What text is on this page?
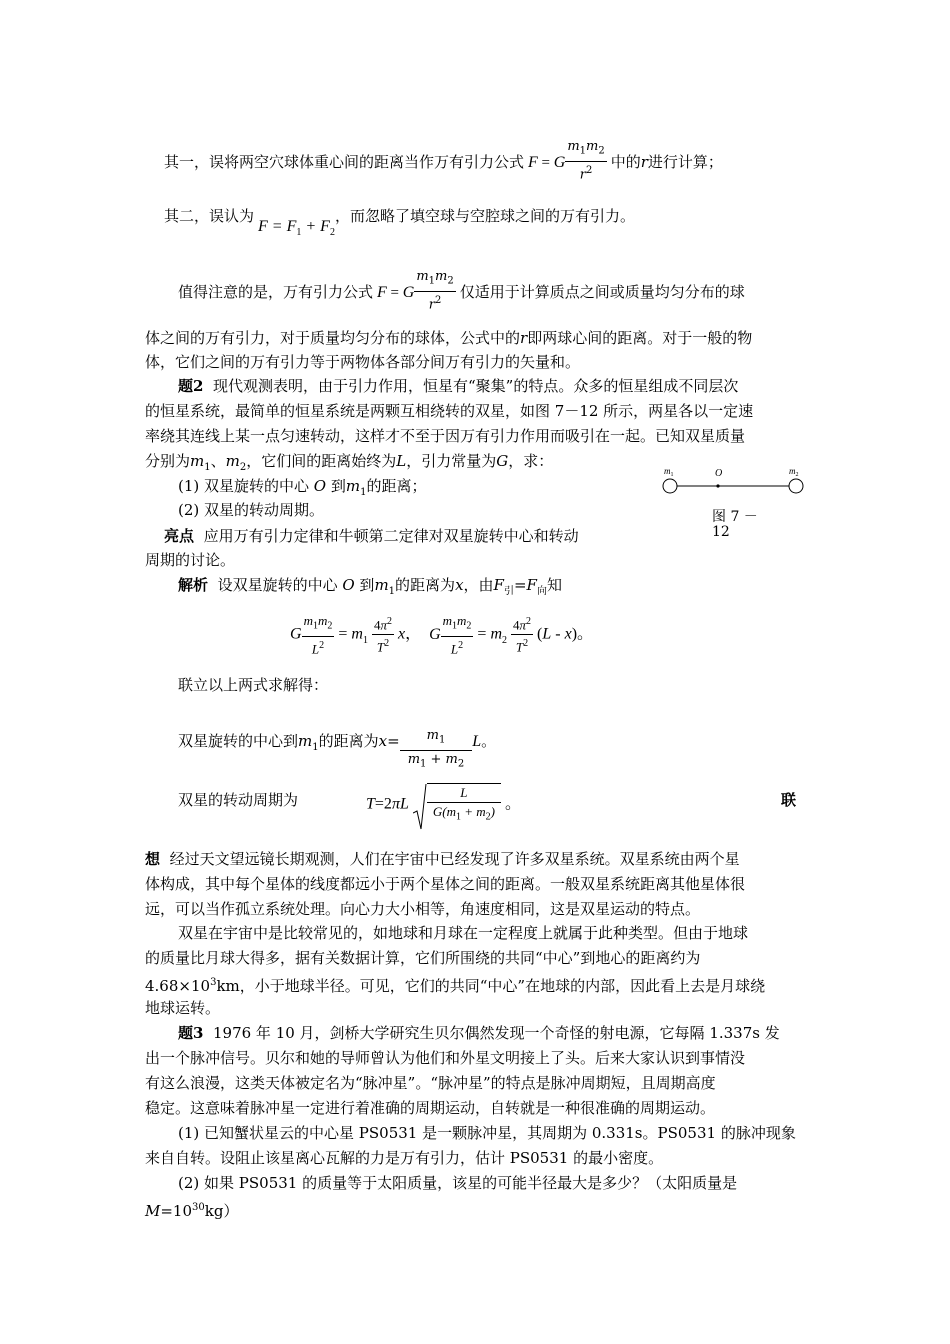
其一，误将两空穴球体重心间的距离当作万有引力公式 F = G $\frac{m_1m_2}{r^2}$ 中的r进行计算；
其二，误认为$F = F_1 + F_2$，而忽略了填空球与空腔球之间的万有引力。
值得注意的是，万有引力公式 F = G $\frac{m_1m_2}{r^2}$ 仅适用于计算质点之间或质量均匀分布的球
体之间的万有引力，对于质量均匀分布的球体，公式中的r即两球心间的距离。对于一般的物
体，它们之间的万有引力等于两物体各部分间万有引力的矢量和。
题2 现代观测表明，由于引力作用，恒星有“聚集”的特点。众多的恒星组成不同层次
的恒星系统，最简单的恒星系统是两颗互相绕转的双星，如图 7－12 所示，两星各以一定速
率绕其连线上某一点匀速转动，这样才不至于因万有引力作用而吸引在一起。已知双星质量
分别为$m_1$、$m_2$，它们间的距离始终为L，引力常量为G，求：
(1) 双星旋转的中心 O 到$m_1$的距离；
(2) 双星的转动周期。
$m_1$	O	$m_2$
图 7 －
12
亮点 应用万有引力定律和牛顿第二定律对双星旋转中心和转动
周期的讨论。
解析 设双星旋转的中心 O 到$m_1$的距离为x，由$F_引=F_向$知
G $\frac{m_1m_2}{L^2} = m_1 \frac{4\pi^2}{T^2}$ x， G $\frac{m_1m_2}{L^2} = m_2 \frac{4\pi^2}{T^2} (L - x)$。
联立以上两式求解得：
双星旋转的中心到$m_1$的距离为$x= \frac{m_1}{m_1 + m_2}$ L。
双星的转动周期为	$T=2\pi L \frac{L}{G(m_1 + m_2)}$ 。	联
想 经过天文望远镜长期观测，人们在宇宙中已经发现了许多双星系统。双星系统由两个星
体构成，其中每个星体的线度都远小于两个星体之间的距离。一般双星系统距离其他星体很
远，可以当作孤立系统处理。向心力大小相等，角速度相同，这是双星运动的特点。
双星在宇宙中是比较常见的，如地球和月球在一定程度上就属于此种类型。但由于地球
的质量比月球大得多，据有关数据计算，它们所围绕的共同“中心”到地心的距离约为
$4.68\times 10^3km$，小于地球半径。可见，它们的共同“中心”在地球的内部，因此看上去是月球绕
地球运转。
题3 1976 年 10 月，剑桥大学研究生贝尔偶然发现一个奇怪的射电源，它每隔 1.337s 发
出一个脉冲信号。贝尔和她的导师曾认为他们和外星文明接上了头。后来大家认识到事情没
有这么浪漫，这类天体被定名为“脉冲星”。“脉冲星”的特点是脉冲周期短，且周期高度
稳定。这意味着脉冲星一定进行着准确的周期运动，自转就是一种很准确的周期运动。
(1) 已知蟹状星云的中心星 PS0531 是一颗脉冲星，其周期为 0.331s。PS0531 的脉冲现象
来自自转。设阻止该星离心瓦解的力是万有引力，估计 PS0531 的最小密度。
(2) 如果 PS0531 的质量等于太阳质量，该星的可能半径最大是多少？（太阳质量是
$M=10^{30}kg$）
